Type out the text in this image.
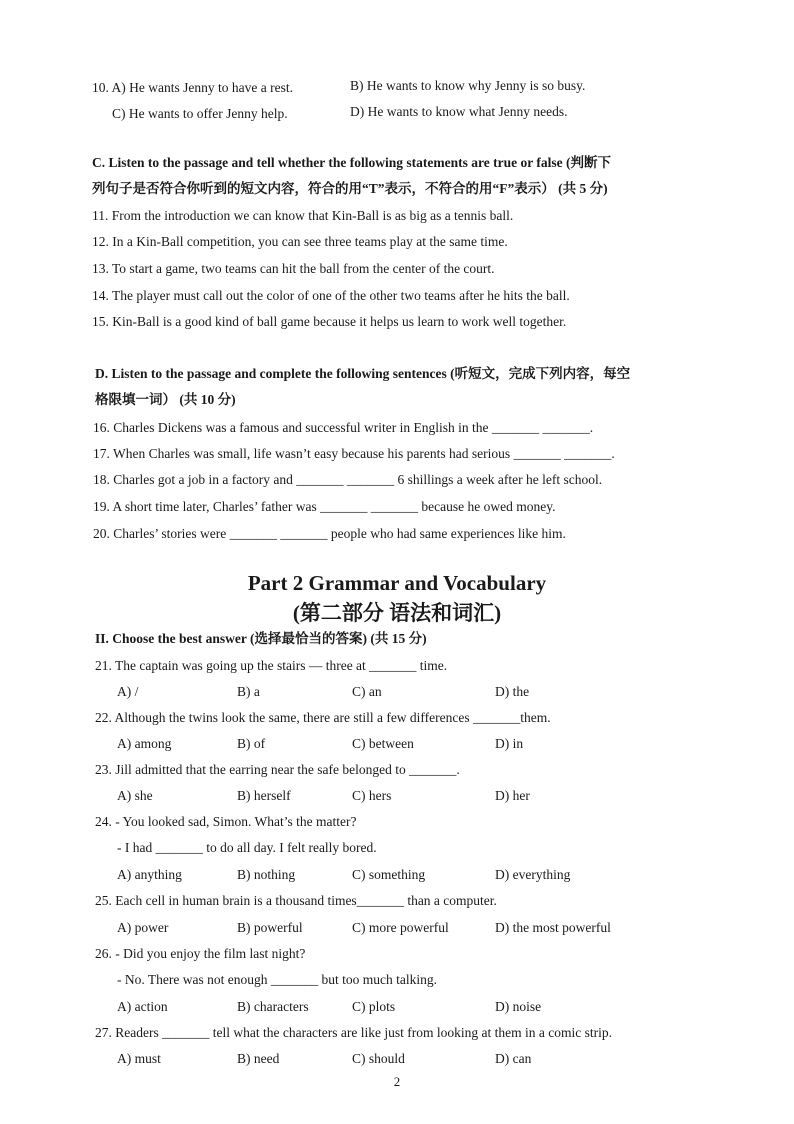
10. A) He wants Jenny to have a rest.	B) He wants to know why Jenny is so busy.
C) He wants to offer Jenny help.	D) He wants to know what Jenny needs.
C. Listen to the passage and tell whether the following statements are true or false (判断下
列句子是否符合你听到的短文内容，符合的用“T”表示，不符合的用“F”表示） (共 5 分)
11. From the introduction we can know that Kin-Ball is as big as a tennis ball.
12. In a Kin-Ball competition, you can see three teams play at the same time.
13. To start a game, two teams can hit the ball from the center of the court.
14. The player must call out the color of one of the other two teams after he hits the ball.
15. Kin-Ball is a good kind of ball game because it helps us learn to work well together.
D. Listen to the passage and complete the following sentences (听短文，完成下列内容，每空
格限填一词） (共 10 分)
16. Charles Dickens was a famous and successful writer in English in the _______ _______.
17. When Charles was small, life wasn’t easy because his parents had serious _______ _______.
18. Charles got a job in a factory and _______ _______ 6 shillings a week after he left school.
19. A short time later, Charles’ father was _______ _______ because he owed money.
20. Charles’ stories were _______ _______ people who had same experiences like him.
Part 2 Grammar and Vocabulary
(第二部分 语法和词汇)
II. Choose the best answer (选择最恰当的答案) (共 15 分)
21. The captain was going up the stairs — three at _______ time.
A) /	B) a	C) an	D) the
22. Although the twins look the same, there are still a few differences _______them.
A) among	B) of	C) between	D) in
23. Jill admitted that the earring near the safe belonged to _______.
A) she	B) herself	C) hers	D) her
24. - You looked sad, Simon. What’s the matter?
- I had _______ to do all day. I felt really bored.
A) anything	B) nothing	C) something	D) everything
25. Each cell in human brain is a thousand times_______ than a computer.
A) power	B) powerful	C) more powerful	D) the most powerful
26. - Did you enjoy the film last night?
- No. There was not enough _______ but too much talking.
A) action	B) characters	C) plots	D) noise
27. Readers _______ tell what the characters are like just from looking at them in a comic strip.
A) must	B) need	C) should	D) can
2
